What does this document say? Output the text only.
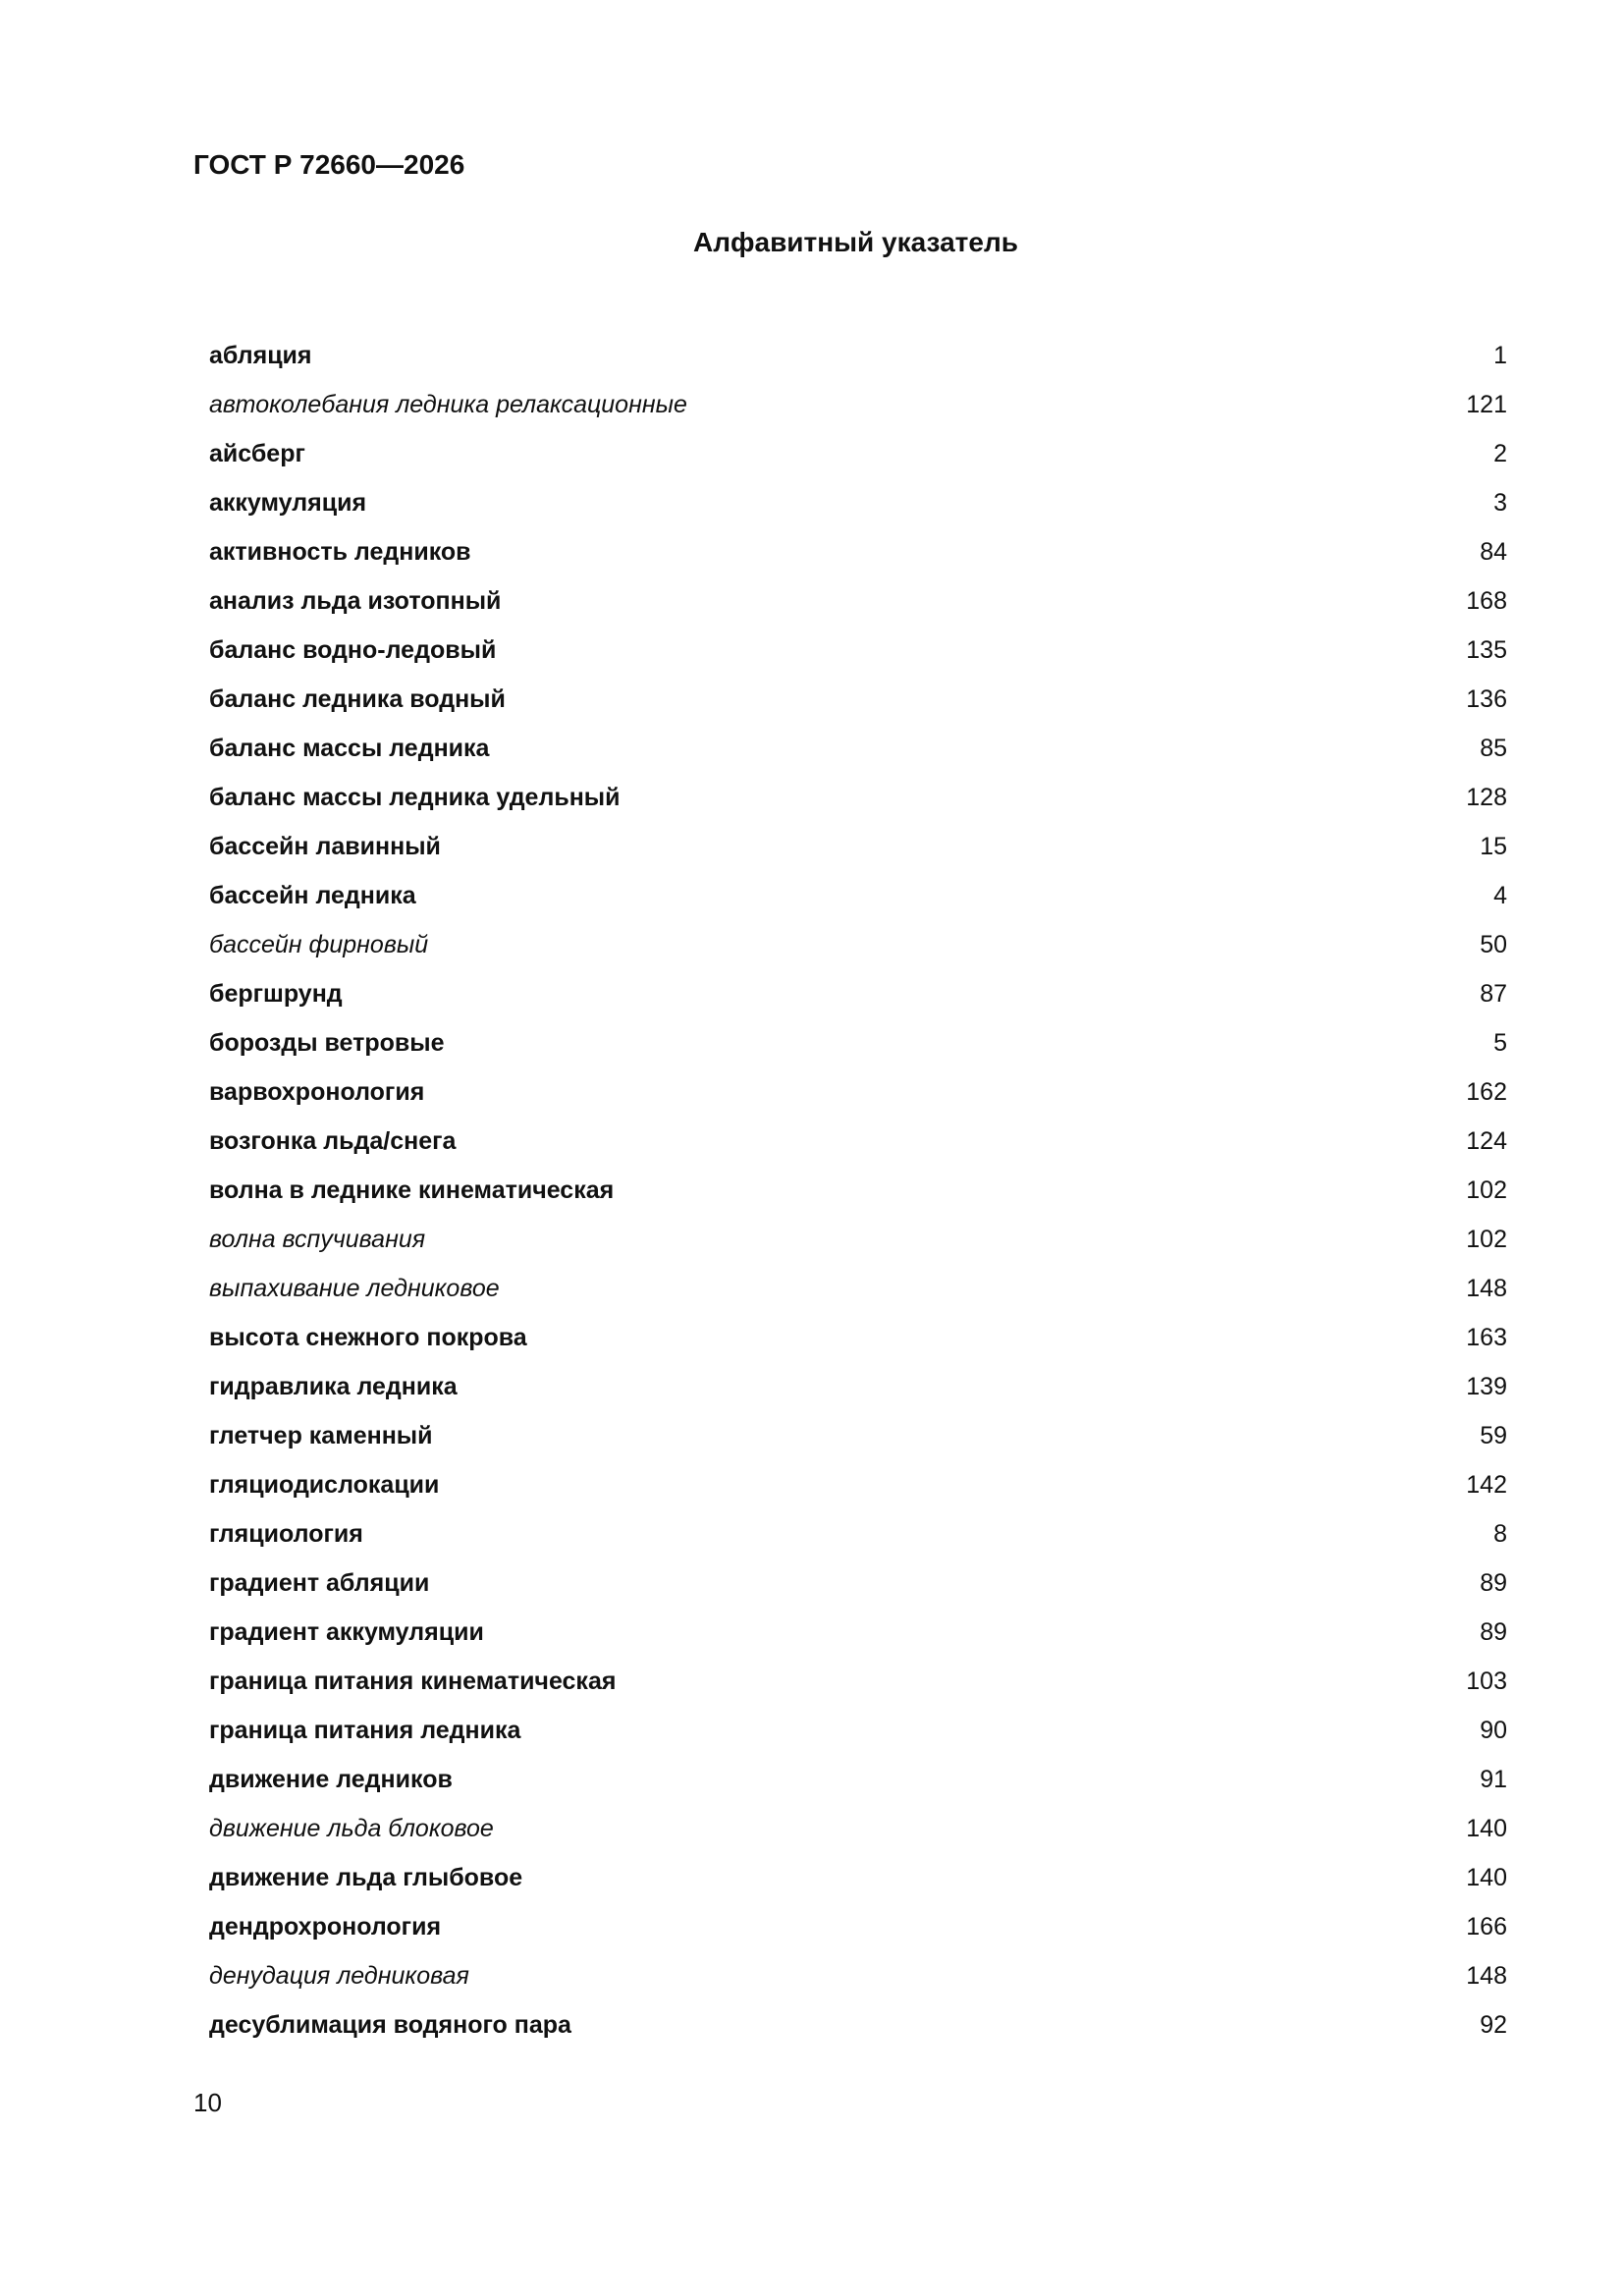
ГОСТ Р 72660—2026
Алфавитный указатель
абляция	1
автоколебания ледника релаксационные	121
айсберг	2
аккумуляция	3
активность ледников	84
анализ льда изотопный	168
баланс водно-ледовый	135
баланс ледника водный	136
баланс массы ледника	85
баланс массы ледника удельный	128
бассейн лавинный	15
бассейн ледника	4
бассейн фирновый	50
бергшрунд	87
борозды ветровые	5
варвохронология	162
возгонка льда/снега	124
волна в леднике кинематическая	102
волна вспучивания	102
выпахивание ледниковое	148
высота снежного покрова	163
гидравлика ледника	139
глетчер каменный	59
гляциодислокации	142
гляциология	8
градиент абляции	89
градиент аккумуляции	89
граница питания кинематическая	103
граница питания ледника	90
движение ледников	91
движение льда блоковое	140
движение льда глыбовое	140
дендрохронология	166
денудация ледниковая	148
десублимация водяного пара	92
10
